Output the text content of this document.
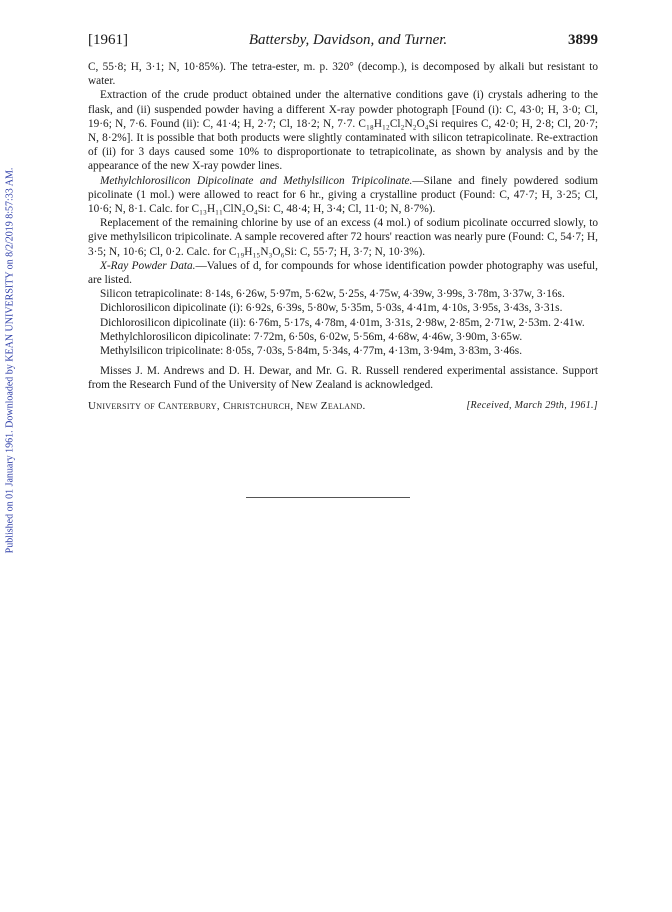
Published on 01 January 1961. Downloaded by KEAN UNIVERSITY on 8/2/2019 8:57:33 AM.
[1961]	Battersby, Davidson, and Turner.	3899

C, 55·8; H, 3·1; N, 10·85%). The tetra-ester, m. p. 320° (decomp.), is decomposed by alkali but resistant to water.

Extraction of the crude product obtained under the alternative conditions gave (i) crystals adhering to the flask, and (ii) suspended powder having a different X-ray powder photograph [Found (i): C, 43·0; H, 3·0; Cl, 19·6; N, 7·6. Found (ii): C, 41·4; H, 2·7; Cl, 18·2; N, 7·7. C₁₈H₁₂Cl₂N₂O₄Si requires C, 42·0; H, 2·8; Cl, 20·7; N, 8·2%]. It is possible that both products were slightly contaminated with silicon tetrapicolinate. Re-extraction of (ii) for 3 days caused some 10% to disproportionate to tetrapicolinate, as shown by analysis and by the appearance of the new X-ray powder lines.

Methylchlorosilicon Dipicolinate and Methylsilicon Tripicolinate.—Silane and finely powdered sodium picolinate (1 mol.) were allowed to react for 6 hr., giving a crystalline product (Found: C, 47·7; H, 3·25; Cl, 10·6; N, 8·1. Calc. for C₁₃H₁₁ClN₂O₄Si: C, 48·4; H, 3·4; Cl, 11·0; N, 8·7%).

Replacement of the remaining chlorine by use of an excess (4 mol.) of sodium picolinate occurred slowly, to give methylsilicon tripicolinate. A sample recovered after 72 hours' reaction was nearly pure (Found: C, 54·7; H, 3·5; N, 10·6; Cl, 0·2. Calc. for C₁₉H₁₅N₃O₆Si: C, 55·7; H, 3·7; N, 10·3%).

X-Ray Powder Data.—Values of d, for compounds for whose identification powder photography was useful, are listed.

Silicon tetrapicolinate: 8·14s, 6·26w, 5·97m, 5·62w, 5·25s, 4·75w, 4·39w, 3·99s, 3·78m, 3·37w, 3·16s.

Dichlorosilicon dipicolinate (i): 6·92s, 6·39s, 5·80w, 5·35m, 5·03s, 4·41m, 4·10s, 3·95s, 3·43s, 3·31s.

Dichlorosilicon dipicolinate (ii): 6·76m, 5·17s, 4·78m, 4·01m, 3·31s, 2·98w, 2·85m, 2·71w, 2·53m. 2·41w.

Methylchlorosilicon dipicolinate: 7·72m, 6·50s, 6·02w, 5·56m, 4·68w, 4·46w, 3·90m, 3·65w.

Methylsilicon tripicolinate: 8·05s, 7·03s, 5·84m, 5·34s, 4·77m, 4·13m, 3·94m, 3·83m, 3·46s.

Misses J. M. Andrews and D. H. Dewar, and Mr. G. R. Russell rendered experimental assistance. Support from the Research Fund of the University of New Zealand is acknowledged.

University of Canterbury, Christchurch, New Zealand.	[Received, March 29th, 1961.]
